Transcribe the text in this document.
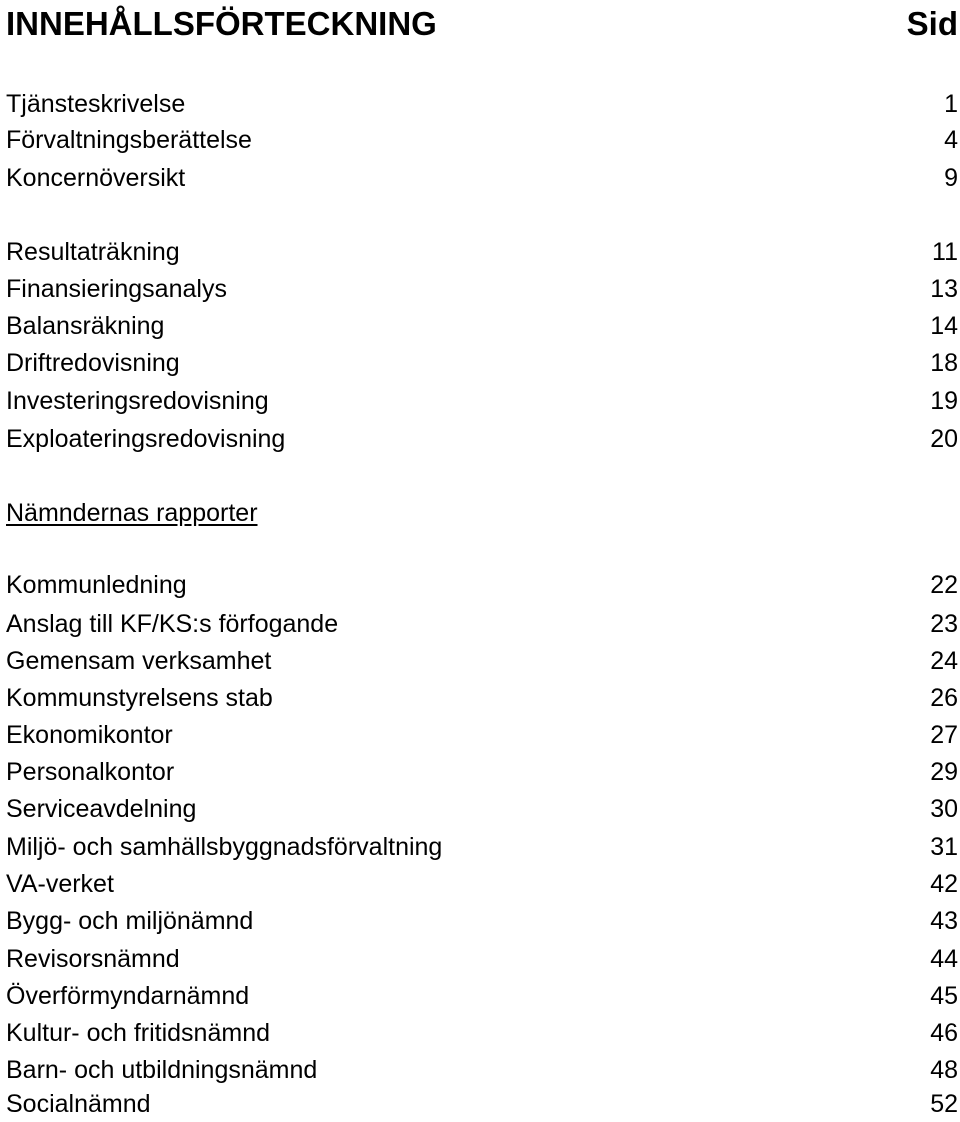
INNEHÅLLSFÖRTECKNING	Sid
Tjänsteskrivelse	1
Förvaltningsberättelse	4
Koncernöversikt	9
Resultaträkning	11
Finansieringsanalys	13
Balansräkning	14
Driftredovisning	18
Investeringsredovisning	19
Exploateringsredovisning	20
Nämndernas rapporter
Kommunledning	22
Anslag till KF/KS:s förfogande	23
Gemensam verksamhet	24
Kommunstyrelsens stab	26
Ekonomikontor	27
Personalkontor	29
Serviceavdelning	30
Miljö- och samhällsbyggnadsförvaltning	31
VA-verket	42
Bygg- och miljönämnd	43
Revisorsnämnd	44
Överförmyndarnämnd	45
Kultur- och fritidsnämnd	46
Barn- och utbildningsnämnd	48
Socialnämnd	52
